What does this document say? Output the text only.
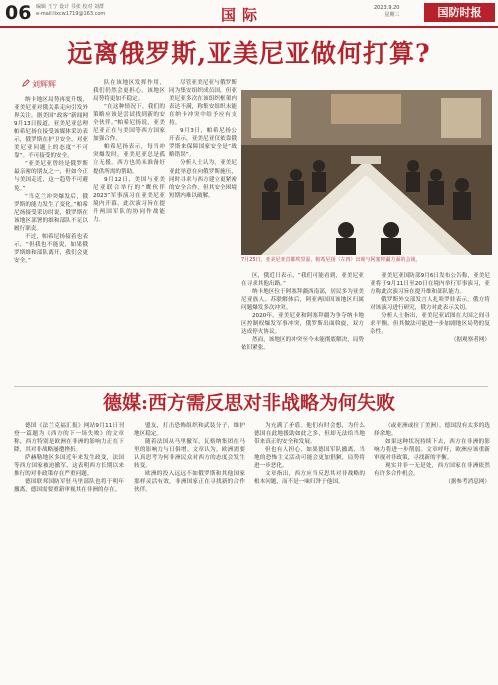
06 编辑 王宁 设计 书张 校对 刘群
e-mail:lixcw1719@163.com	国际	2023.9.20
星期三	国防时报
远离俄罗斯,亚美尼亚做何打算?
刘辉辉

纳卡地区局势再度升级，亚美尼亚对俄关系走向引发外界关注。据美国“政客”新闻网9月13日报道，亚美尼亚总理帕希尼扬在接受该媒体采访表示，俄罗斯在护卫安全、对亚美尼亚问题上的态度“不可靠”。不可接受的安全。

“亚美尼亚曾经是俄罗斯最亲密的朋友之一，但如今正与美国走近，这一趋势不可避免。”

“当克兰冲突爆发后，俄罗斯的能力发生了变化。”帕希尼扬接受采访时说，俄罗斯在该地区部署的维和部队不足以履行职责。

不过，帕希尼扬接着也表示，“但我也不能说，如果俄罗斯维和部队离开，我们会更安全。”

队在该地区发挥作用，我们仍然会更担心，该地区局势将更加不稳定。

“在这种情况下，我们的策略应该是尝试找到新的安全伙伴。”帕希尼扬说，亚美尼亚正在与美国等西方国家加强合作。

帕希尼扬表示，每当冲突爆发时，亚美尼亚总是孤立无援，西方也尚未准备好提供所需的帮助。

9月12日，美国与亚美尼亚联合举行的“鹰伙伴2023”军事演习在亚美尼亚境内开幕。此次演习旨在提升两国军队的协同作战能力。

尽管亚美尼亚与俄罗斯同为集安组织成员国，但亚美尼亚多次在该组织框架内表达不满，称集安组织未能在纳卡冲突中给予应有支持。

9月3日，帕希尼扬公开表示，亚美尼亚仅依靠俄罗斯来保障国家安全是“战略错误”。

分析人士认为，亚美尼亚此举意在向俄罗斯施压，同时寻求与西方建立更紧密的安全合作，但其安全困境短期内难以破解。

7月25日，亚美尼亚首都埃里温，帕希尼扬（左四）出席与阿塞拜疆方面的会谈。

区，俄近日表示，“我们可能看到，亚美尼亚在寻求其他出路。”

纳卡地区位于阿塞拜疆西南部，居民多为亚美尼亚族人。苏联解体后，阿亚两国因该地区归属问题爆发多次冲突。

2020年，亚美尼亚和阿塞拜疆为争夺纳卡地区控制权爆发军事冲突，俄罗斯出面斡旋，双方达成停火协议。

然而，该地区的冲突至今未能彻底解决，局势依旧紧张。

亚美尼亚国防部9月6日发布公告称，亚美尼亚将于9月11日至20日在境内举行军事演习，亚方称此次演习旨在提升维和部队能力。

俄罗斯外交部发言人扎哈罗娃表示，俄方将对该演习进行研究，俄方对此表示关切。

分析人士指出，亚美尼亚试图在大国之间寻求平衡，但其做法可能进一步加剧地区局势的复杂性。

（据观察者网）

德媒:西方需反思对非战略为何失败

德国《法兰克福汇报》网站9月11日刊登一篇题为《西方的下一场失败》的文章称，西方特别是欧洲在非洲的影响力正在下降，其对非战略屡遭挫折。

萨赫勒地区多国近年来发生政变，法国等西方国家被迫撤军，这表明西方长期以来推行的对非政策存在严重问题。

德国联邦国防军驻马里部队也将于明年撤离，德国需要重新审视其在非洲的存在。

盟友，打击恐怖组织和武装分子，维护地区稳定。

随着法国从马里撤军，瓦格纳集团在马里的影响力与日俱增。文章认为，欧洲需要认真思考为何非洲民众对西方的态度会发生转变。

欧洲的投入远远不如俄罗斯和其他国家那样灵活有效，非洲国家正在寻找新的合作伙伴。

为充满了矛盾。他们有时会想，为什么德国在此地援助如此之多，但却无法给当地带来真正的安全和发展。

但也有人担心，如果德国军队撤离，当地的恐怖主义活动可能会更加猖獗，局势将进一步恶化。

文章指出，西方应当反思其对非战略的根本问题，而不是一味归咎于他国。

（或亚洲或拉丁美洲）。德国没有太多的选择余地。

如果这种状况持续下去，西方在非洲的影响力将进一步削弱。文章呼吁，欧洲应该重新审视对非政策，寻找新的平衡。

现实并非一无是处，西方国家在非洲依然有许多合作机会。

（据参考消息网）
